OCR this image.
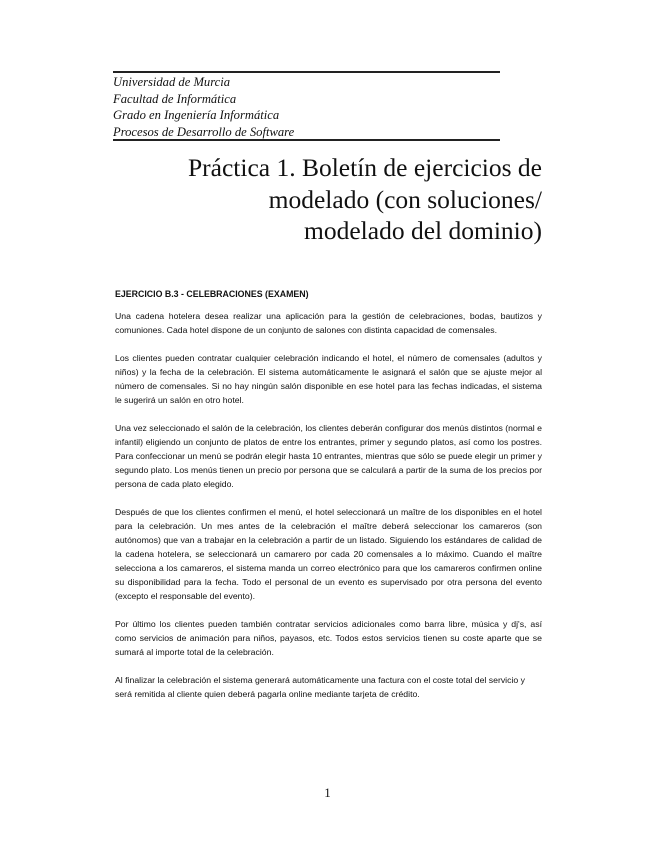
Universidad de Murcia
Facultad de Informática
Grado en Ingeniería Informática
Procesos de Desarrollo de Software
Práctica 1. Boletín de ejercicios de
modelado (con soluciones/
modelado del dominio)
EJERCICIO B.3 - CELEBRACIONES (EXAMEN)

Una cadena hotelera desea realizar una aplicación para la gestión de celebraciones, bodas, bautizos y comuniones. Cada hotel dispone de un conjunto de salones con distinta capacidad de comensales.

Los clientes pueden contratar cualquier celebración indicando el hotel, el número de comensales (adultos y niños) y la fecha de la celebración. El sistema automáticamente le asignará el salón que se ajuste mejor al número de comensales. Si no hay ningún salón disponible en ese hotel para las fechas indicadas, el sistema le sugerirá un salón en otro hotel.

Una vez seleccionado el salón de la celebración, los clientes deberán configurar dos menús distintos (normal e infantil) eligiendo un conjunto de platos de entre los entrantes, primer y segundo platos, así como los postres. Para confeccionar un menú se podrán elegir hasta 10 entrantes, mientras que sólo se puede elegir un primer y segundo plato. Los menús tienen un precio por persona que se calculará a partir de la suma de los precios por persona de cada plato elegido.

Después de que los clientes confirmen el menú, el hotel seleccionará un maître de los disponibles en el hotel para la celebración. Un mes antes de la celebración el maître deberá seleccionar los camareros (son autónomos) que van a trabajar en la celebración a partir de un listado. Siguiendo los estándares de calidad de la cadena hotelera, se seleccionará un camarero por cada 20 comensales a lo máximo. Cuando el maître selecciona a los camareros, el sistema manda un correo electrónico para que los camareros confirmen online su disponibilidad para la fecha. Todo el personal de un evento es supervisado por otra persona del evento (excepto el responsable del evento).

Por último los clientes pueden también contratar servicios adicionales como barra libre, música y dj's, así como servicios de animación para niños, payasos, etc. Todos estos servicios tienen su coste aparte que se sumará al importe total de la celebración.

Al finalizar la celebración el sistema generará automáticamente una factura con el coste total del servicio y será remitida al cliente quien deberá pagarla online mediante tarjeta de crédito.

1
